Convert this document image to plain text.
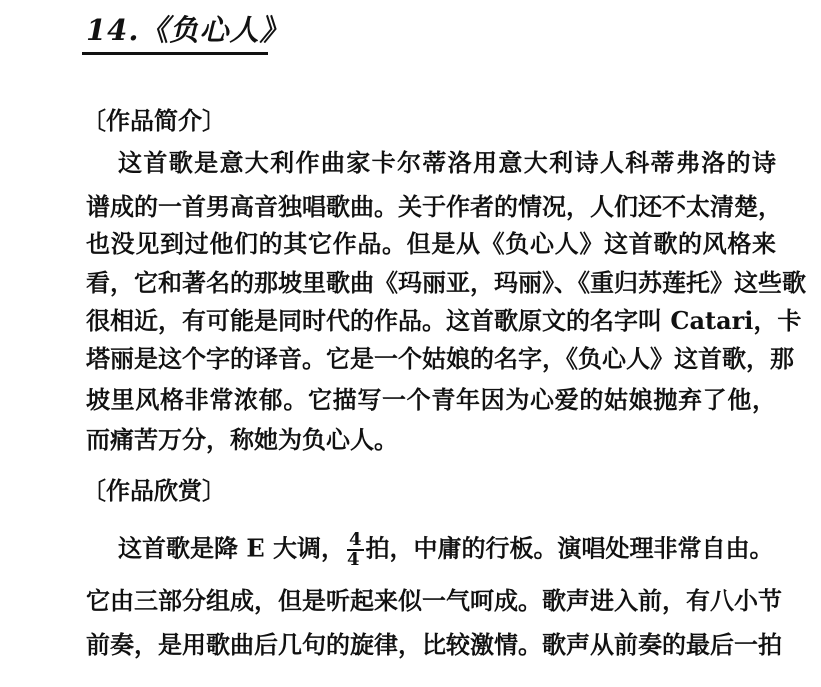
14.《负心人》
〔作品简介〕
这首歌是意大利作曲家卡尔蒂洛用意大利诗人科蒂弗洛的诗
谱成的一首男高音独唱歌曲。关于作者的情况，人们还不太清楚，
也没见到过他们的其它作品。但是从《负心人》这首歌的风格来
看，它和著名的那坡里歌曲《玛丽亚，玛丽》、《重归苏莲托》这些歌
很相近，有可能是同时代的作品。这首歌原文的名字叫 Catari，卡
塔丽是这个字的译音。它是一个姑娘的名字，《负心人》这首歌，那
坡里风格非常浓郁。它描写一个青年因为心爱的姑娘抛弃了他，
而痛苦万分，称她为负心人。
〔作品欣赏〕
这首歌是降 E 大调， $\frac{4}{4}$ 拍，中庸的行板。演唱处理非常自由。
它由三部分组成，但是听起来似一气呵成。歌声进入前，有八小节
前奏，是用歌曲后几句的旋律，比较激情。歌声从前奏的最后一拍
